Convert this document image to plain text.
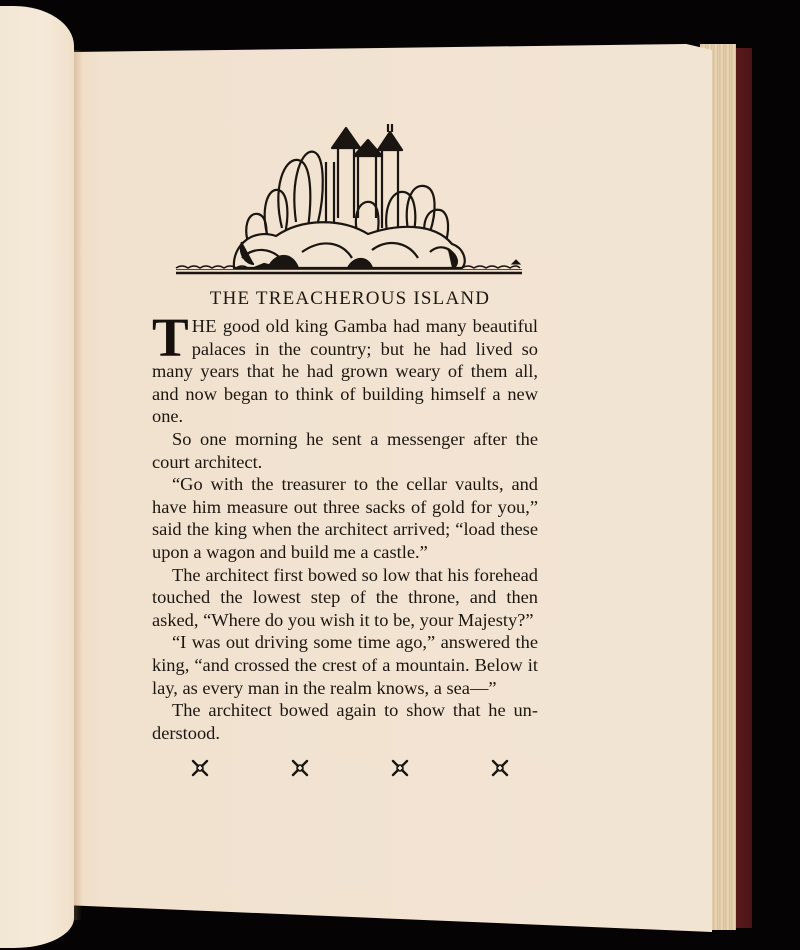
THE TREACHEROUS ISLAND

THE good old king Gamba had many beautiful palaces in the country; but he had lived so many years that he had grown weary of them all, and now began to think of building himself a new one.

So one morning he sent a messenger after the court architect.

“Go with the treasurer to the cellar vaults, and have him measure out three sacks of gold for you,” said the king when the architect arrived; “load these upon a wagon and build me a castle.”

The architect first bowed so low that his forehead touched the lowest step of the throne, and then asked, “Where do you wish it to be, your Majesty?”

“I was out driving some time ago,” answered the king, “and crossed the crest of a mountain. Below it lay, as every man in the realm knows, a sea—”

The architect bowed again to show that he understood.
